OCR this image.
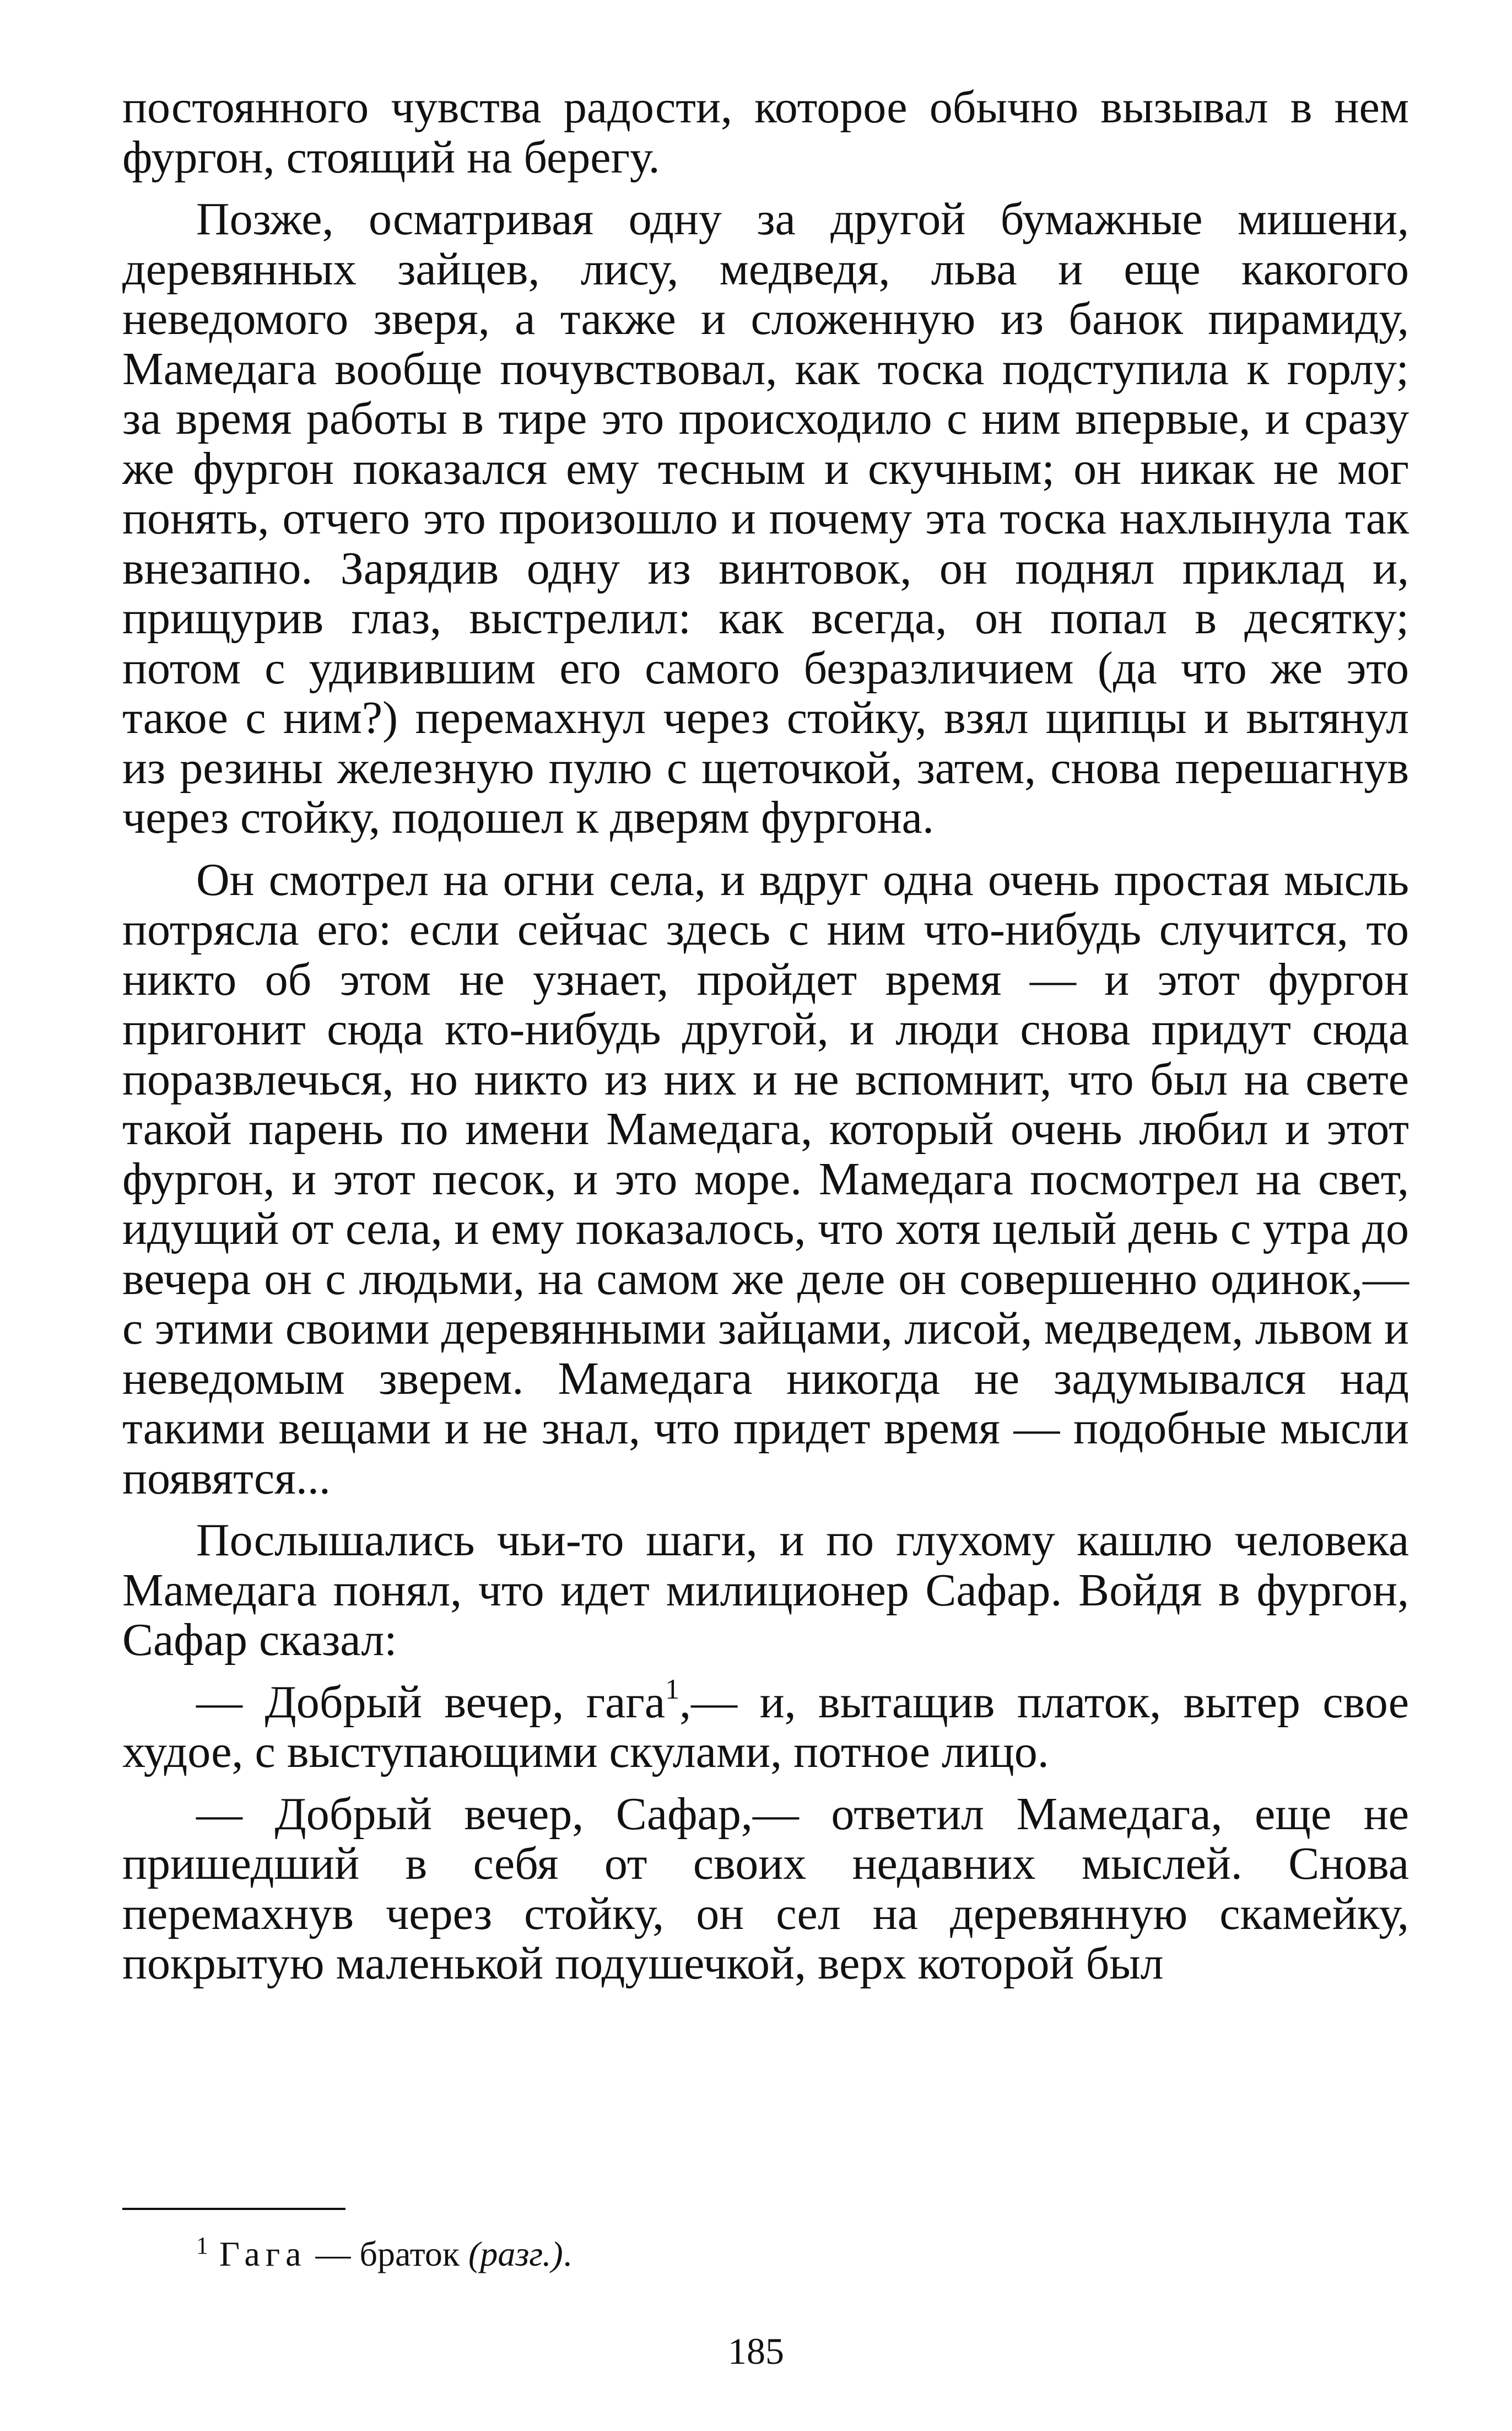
постоянного чувства радости, которое обычно вызывал в нем фургон, стоящий на берегу.

Позже, осматривая одну за другой бумажные мишени, деревянных зайцев, лису, медведя, льва и еще какогого неведомого зверя, а также и сложенную из банок пирамиду, Мамедага вообще почувствовал, как тоска подступила к горлу; за время работы в тире это происходило с ним впервые, и сразу же фургон показался ему тесным и скучным; он никак не мог понять, отчего это произошло и почему эта тоска нахлынула так внезапно. Зарядив одну из винтовок, он поднял приклад и, прищурив глаз, выстрелил: как всегда, он попал в десятку; потом с удивившим его самого безразличием (да что же это такое с ним?) перемахнул через стойку, взял щипцы и вытянул из резины железную пулю с щеточкой, затем, снова перешагнув через стойку, подошел к дверям фургона.

Он смотрел на огни села, и вдруг одна очень простая мысль потрясла его: если сейчас здесь с ним что-нибудь случится, то никто об этом не узнает, пройдет время — и этот фургон пригонит сюда кто-нибудь другой, и люди снова придут сюда поразвлечься, но никто из них и не вспомнит, что был на свете такой парень по имени Мамедага, который очень любил и этот фургон, и этот песок, и это море. Мамедага посмотрел на свет, идущий от села, и ему показалось, что хотя целый день с утра до вечера он с людьми, на самом же деле он совершенно одинок,— с этими своими деревянными зайцами, лисой, медведем, львом и неведомым зверем. Мамедага никогда не задумывался над такими вещами и не знал, что придет время — подобные мысли появятся...

Послышались чьи-то шаги, и по глухому кашлю человека Мамедага понял, что идет милиционер Сафар. Войдя в фургон, Сафар сказал:

— Добрый вечер, гага$^1$,— и, вытащив платок, вытер свое худое, с выступающими скулами, потное лицо.

— Добрый вечер, Сафар,— ответил Мамедага, еще не пришедший в себя от своих недавних мыслей. Снова перемахнув через стойку, он сел на деревянную скамейку, покрытую маленькой подушечкой, верх которой был

$^1$ Гага — браток (разг.).
185
